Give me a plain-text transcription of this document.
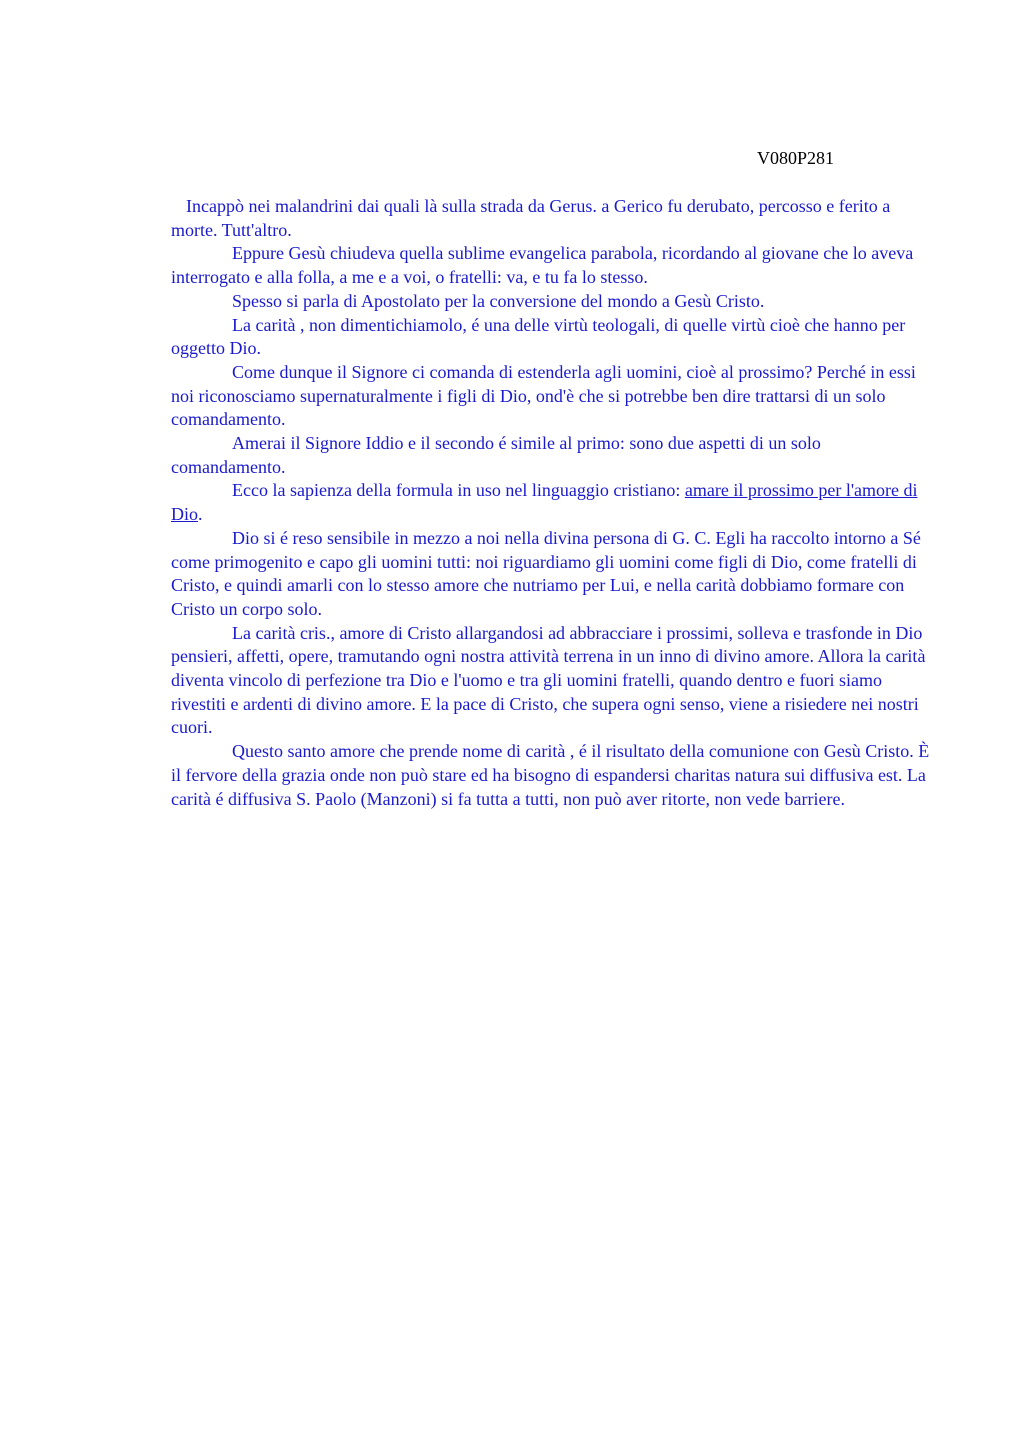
V080P281

Incappò nei malandrini dai quali là sulla strada da Gerus. a Gerico fu derubato, percosso e ferito a morte. Tutt'altro.

Eppure Gesù chiudeva quella sublime evangelica parabola, ricordando al giovane che lo aveva interrogato e alla folla, a me e a voi, o fratelli: va, e tu fa lo stesso.

Spesso si parla di Apostolato per la conversione del mondo a Gesù Cristo.

La carità , non dimentichiamolo, é una delle virtù teologali, di quelle virtù cioè che hanno per oggetto Dio.

Come dunque il Signore ci comanda di estenderla agli uomini, cioè al prossimo? Perché in essi noi riconosciamo supernaturalmente i figli di Dio, ond'è che si potrebbe ben dire trattarsi di un solo comandamento.

Amerai il Signore Iddio e il secondo é simile al primo: sono due aspetti di un solo comandamento.

Ecco la sapienza della formula in uso nel linguaggio cristiano: amare il prossimo per l'amore di Dio.

Dio si é reso sensibile in mezzo a noi nella divina persona di G. C. Egli ha raccolto intorno a Sé come primogenito e capo gli uomini tutti: noi riguardiamo gli uomini come figli di Dio, come fratelli di Cristo, e quindi amarli con lo stesso amore che nutriamo per Lui, e nella carità dobbiamo formare con Cristo un corpo solo.

La carità cris., amore di Cristo allargandosi ad abbracciare i prossimi, solleva e trasfonde in Dio pensieri, affetti, opere, tramutando ogni nostra attività terrena in un inno di divino amore. Allora la carità diventa vincolo di perfezione tra Dio e l'uomo e tra gli uomini fratelli, quando dentro e fuori siamo rivestiti e ardenti di divino amore. E la pace di Cristo, che supera ogni senso, viene a risiedere nei nostri cuori.

Questo santo amore che prende nome di carità , é il risultato della comunione con Gesù Cristo. È il fervore della grazia onde non può stare ed ha bisogno di espandersi charitas natura sui diffusiva est. La carità é diffusiva S. Paolo (Manzoni) si fa tutta a tutti, non può aver ritorte, non vede barriere.
